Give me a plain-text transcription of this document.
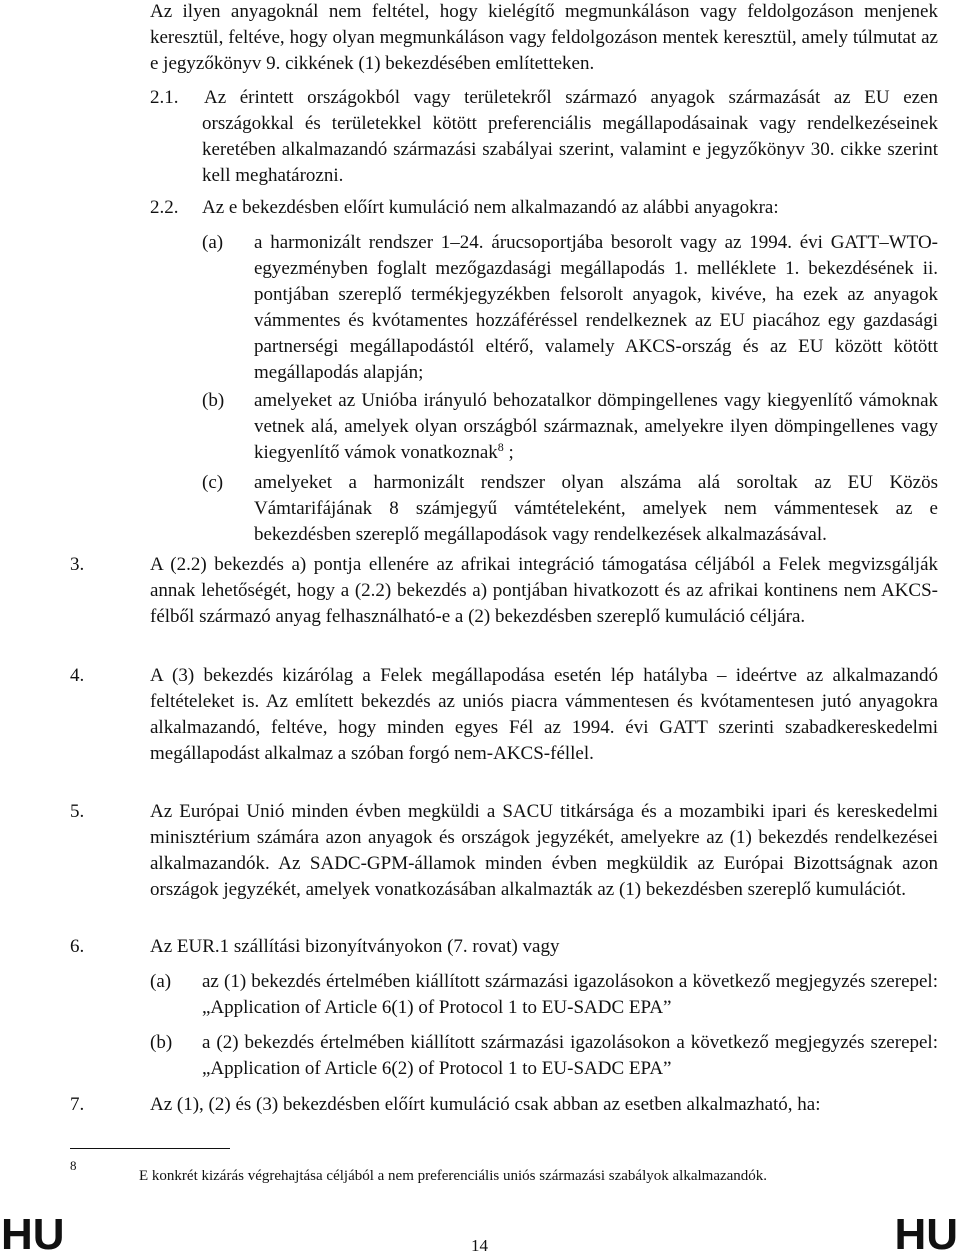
Az ilyen anyagoknál nem feltétel, hogy kielégítő megmunkáláson vagy feldolgozáson menjenek keresztül, feltéve, hogy olyan megmunkáláson vagy feldolgozáson mentek keresztül, amely túlmutat az e jegyzőkönyv 9. cikkének (1) bekezdésében említetteken.
2.1. Az érintett országokból vagy területekről származó anyagok származását az EU ezen országokkal és területekkel kötött preferenciális megállapodásainak vagy rendelkezéseinek keretében alkalmazandó származási szabályai szerint, valamint e jegyzőkönyv 30. cikke szerint kell meghatározni.
2.2. Az e bekezdésben előírt kumuláció nem alkalmazandó az alábbi anyagokra:
(a) a harmonizált rendszer 1–24. árucsoportjába besorolt vagy az 1994. évi GATT–WTO-egyezményben foglalt mezőgazdasági megállapodás 1. melléklete 1. bekezdésének ii. pontjában szereplő termékjegyzékben felsorolt anyagok, kivéve, ha ezek az anyagok vámmentes és kvótamentes hozzáféréssel rendelkeznek az EU piacához egy gazdasági partnerségi megállapodástól eltérő, valamely AKCS-ország és az EU között kötött megállapodás alapján;
(b) amelyeket az Unióba irányuló behozatalkor dömpingellenes vagy kiegyenlítő vámoknak vetnek alá, amelyek olyan országból származnak, amelyekre ilyen dömpingellenes vagy kiegyenlítő vámok vonatkoznak$^8$ ;
(c) amelyeket a harmonizált rendszer olyan alszáma alá soroltak az EU Közös Vámtarifájának 8 számjegyű vámtételeként, amelyek nem vámmentesek az e bekezdésben szereplő megállapodások vagy rendelkezések alkalmazásával.
3.	A (2.2) bekezdés a) pontja ellenére az afrikai integráció támogatása céljából a Felek megvizsgálják annak lehetőségét, hogy a (2.2) bekezdés a) pontjában hivatkozott és az afrikai kontinens nem AKCS-félből származó anyag felhasználható-e a (2) bekezdésben szereplő kumuláció céljára.
4.	A (3) bekezdés kizárólag a Felek megállapodása esetén lép hatályba – ideértve az alkalmazandó feltételeket is. Az említett bekezdés az uniós piacra vámmentesen és kvótamentesen jutó anyagokra alkalmazandó, feltéve, hogy minden egyes Fél az 1994. évi GATT szerinti szabadkereskedelmi megállapodást alkalmaz a szóban forgó nem-AKCS-féllel.
5.	Az Európai Unió minden évben megküldi a SACU titkársága és a mozambiki ipari és kereskedelmi minisztérium számára azon anyagok és országok jegyzékét, amelyekre az (1) bekezdés rendelkezései alkalmazandók. Az SADC-GPM-államok minden évben megküldik az Európai Bizottságnak azon országok jegyzékét, amelyek vonatkozásában alkalmazták az (1) bekezdésben szereplő kumulációt.
6.	Az EUR.1 szállítási bizonyítványokon (7. rovat) vagy
(a) az (1) bekezdés értelmében kiállított származási igazolásokon a következő megjegyzés szerepel: „Application of Article 6(1) of Protocol 1 to EU-SADC EPA”
(b) a (2) bekezdés értelmében kiállított származási igazolásokon a következő megjegyzés szerepel: „Application of Article 6(2) of Protocol 1 to EU-SADC EPA”
7.	Az (1), (2) és (3) bekezdésben előírt kumuláció csak abban az esetben alkalmazható, ha:
8
E konkrét kizárás végrehajtása céljából a nem preferenciális uniós származási szabályok alkalmazandók.
HU	14	HU
